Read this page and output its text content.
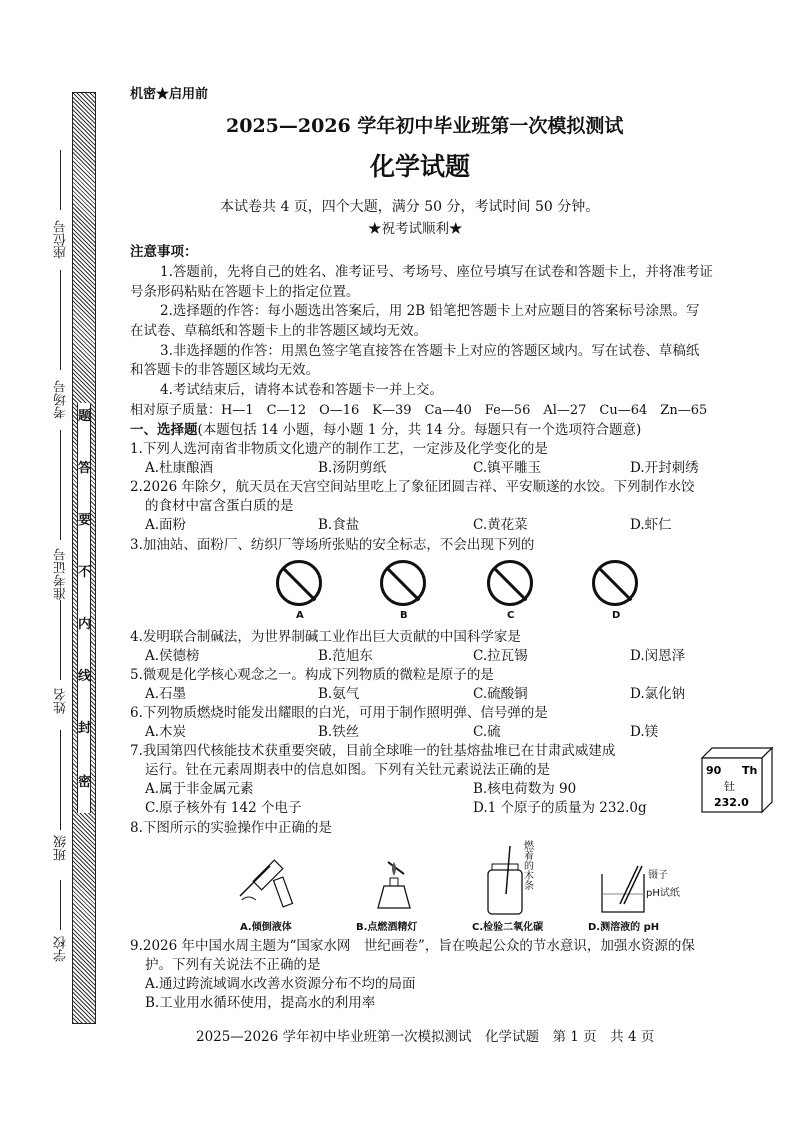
题
答
要
不
内
线
封
密
座位号
考场号
准考证号
姓名
班级
学校
机密★启用前
2025—2026 学年初中毕业班第一次模拟测试
化学试题
本试卷共 4 页，四个大题，满分 50 分，考试时间 50 分钟。
★祝考试顺利★
注意事项：
1.答题前，先将自己的姓名、准考证号、考场号、座位号填写在试卷和答题卡上，并将准考证
号条形码粘贴在答题卡上的指定位置。
2.选择题的作答：每小题选出答案后，用 2B 铅笔把答题卡上对应题目的答案标号涂黑。写
在试卷、草稿纸和答题卡上的非答题区域均无效。
3.非选择题的作答：用黑色签字笔直接答在答题卡上对应的答题区域内。写在试卷、草稿纸
和答题卡的非答题区域均无效。
4.考试结束后，请将本试卷和答题卡一并上交。
相对原子质量：H—1　C—12　O—16　K—39　Ca—40　Fe—56　Al—27　Cu—64　Zn—65
一、选择题(本题包括 14 小题，每小题 1 分，共 14 分。每题只有一个选项符合题意)
1.下列人选河南省非物质文化遗产的制作工艺，一定涉及化学变化的是
A.杜康酿酒	B.汤阴剪纸	C.镇平雕玉	D.开封刺绣
2.2026 年除夕，航天员在天宫空间站里吃上了象征团圆吉祥、平安顺遂的水饺。下列制作水饺
的食材中富含蛋白质的是
A.面粉	B.食盐	C.黄花菜	D.虾仁
3.加油站、面粉厂、纺织厂等场所张贴的安全标志，不会出现下列的
A	B	C	D
4.发明联合制碱法，为世界制碱工业作出巨大贡献的中国科学家是
A.侯德榜	B.范旭东	C.拉瓦锡	D.闵恩泽
5.微观是化学核心观念之一。构成下列物质的微粒是原子的是
A.石墨	B.氨气	C.硫酸铜	D.氯化钠
6.下列物质燃烧时能发出耀眼的白光，可用于制作照明弹、信号弹的是
A.木炭	B.铁丝	C.硫	D.镁
7.我国第四代核能技术获重要突破，目前全球唯一的钍基熔盐堆已在甘肃武威建成
运行。钍在元素周期表中的信息如图。下列有关钍元素说法正确的是
A.属于非金属元素	B.核电荷数为 90
C.原子核外有 142 个电子	D.1 个原子的质量为 232.0g
90 Th
钍
232.0
8.下图所示的实验操作中正确的是
燃
着
的
木
条
镊子
pH试纸
A.倾倒液体	B.点燃酒精灯	C.检验二氧化碳	D.测溶液的 pH
9.2026 年中国水周主题为“国家水网　世纪画卷”，旨在唤起公众的节水意识，加强水资源的保
护。下列有关说法不正确的是
A.通过跨流域调水改善水资源分布不均的局面
B.工业用水循环使用，提高水的利用率
2025—2026 学年初中毕业班第一次模拟测试　化学试题　第 1 页　共 4 页
